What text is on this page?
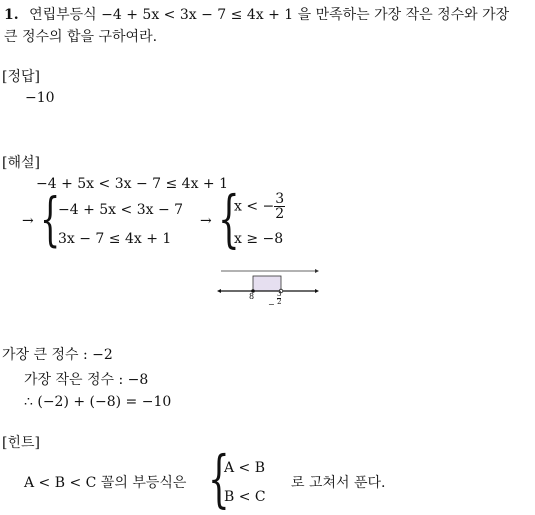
1. 연립부등식 −4 + 5x < 3x − 7 ≤ 4x + 1 을 만족하는 가장 작은 정수와 가장
큰 정수의 합을 구하여라.
[정답]
−10
[해설]
−4 + 5x < 3x − 7 ≤ 4x + 1
→ {
−4 + 5x < 3x − 7
3x − 7 ≤ 4x + 1
→ {
x < − $\frac{3}{2}$
x ≥ −8
8
− $\frac{3}{2}$
가장 큰 정수 : −2
가장 작은 정수 : −8
∴ (−2) + (−8) = −10
[힌트]
A < B < C 꼴의 부등식은 {
A < B
B < C
로 고쳐서 푼다.
